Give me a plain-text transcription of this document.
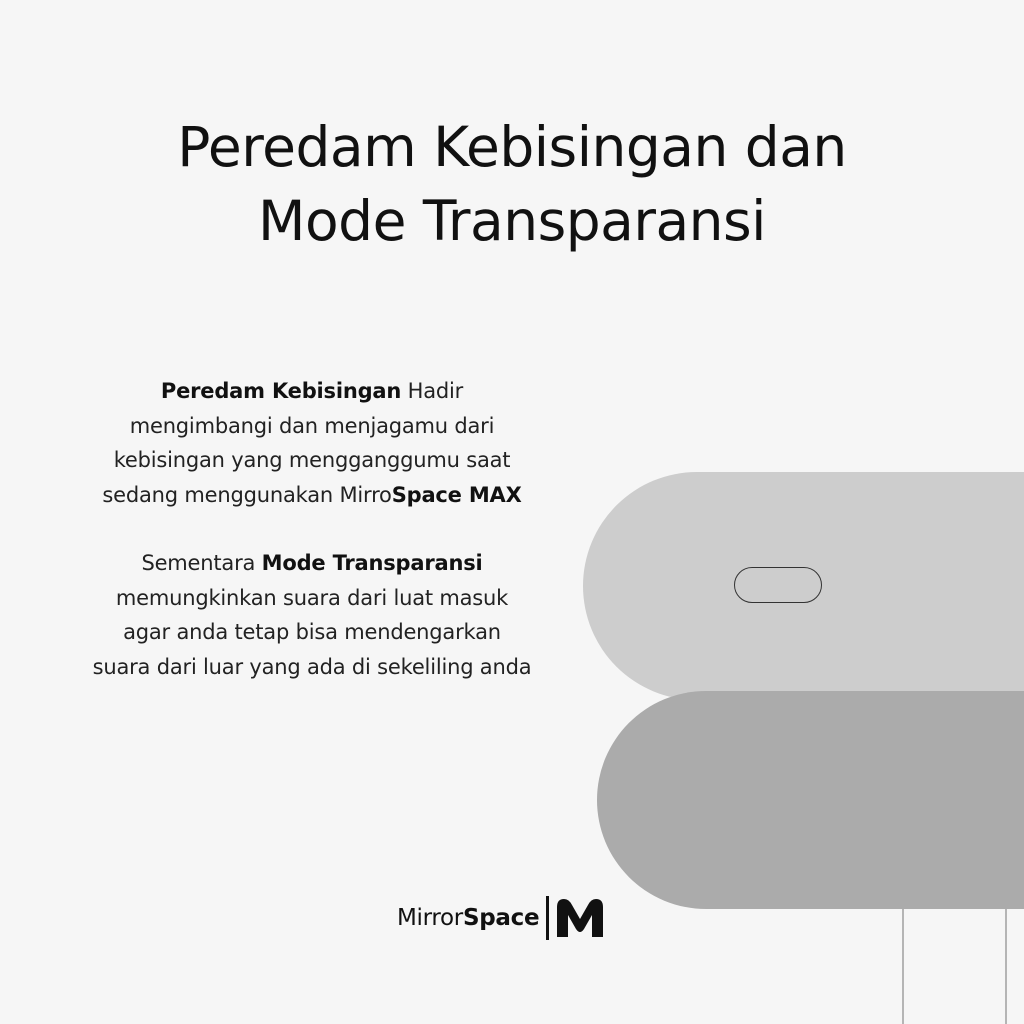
Peredam Kebisingan dan
Mode Transparansi

Peredam Kebisingan Hadir mengimbangi dan menjagamu dari kebisingan yang mengganggumu saat sedang menggunakan MirroSpace MAX

Sementara Mode Transparansi memungkinkan suara dari luat masuk agar anda tetap bisa mendengarkan suara dari luar yang ada di sekeliling anda

MirrorSpace
